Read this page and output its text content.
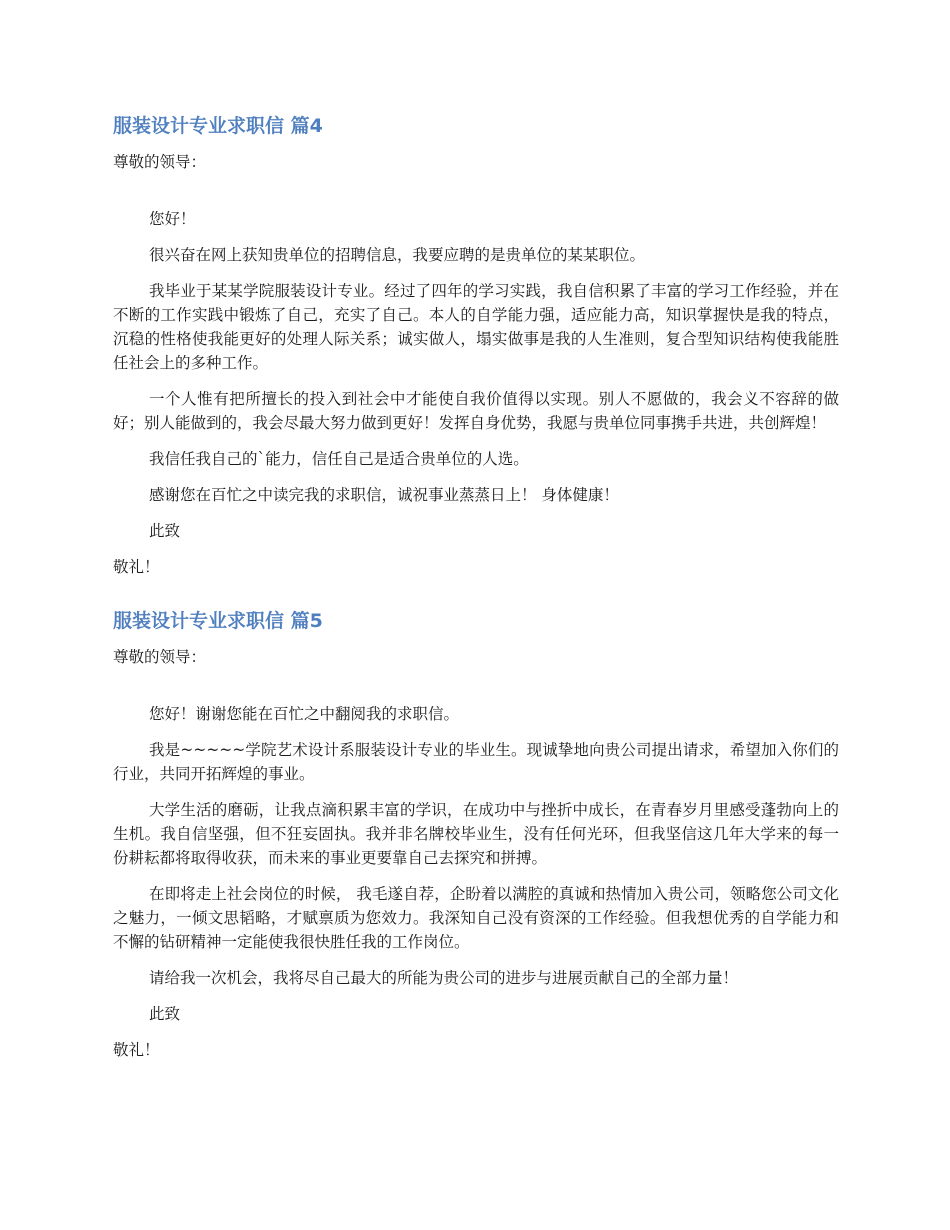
服装设计专业求职信 篇4

尊敬的领导：

您好！

很兴奋在网上获知贵单位的招聘信息，我要应聘的是贵单位的某某职位。

我毕业于某某学院服装设计专业。经过了四年的学习实践，我自信积累了丰富的学习工作经验，并在不断的工作实践中锻炼了自己，充实了自己。本人的自学能力强，适应能力高，知识掌握快是我的特点，沉稳的性格使我能更好的处理人际关系；诚实做人，塌实做事是我的人生准则，复合型知识结构使我能胜任社会上的多种工作。

一个人惟有把所擅长的投入到社会中才能使自我价值得以实现。别人不愿做的，我会义不容辞的做好；别人能做到的，我会尽最大努力做到更好！发挥自身优势，我愿与贵单位同事携手共进，共创辉煌！

我信任我自己的`能力，信任自己是适合贵单位的人选。

感谢您在百忙之中读完我的求职信，诚祝事业蒸蒸日上！ 身体健康！

此致

敬礼！

服装设计专业求职信 篇5

尊敬的领导：

您好！谢谢您能在百忙之中翻阅我的求职信。

我是~~~~~学院艺术设计系服装设计专业的毕业生。现诚挚地向贵公司提出请求，希望加入你们的行业，共同开拓辉煌的事业。

大学生活的磨砺，让我点滴积累丰富的学识，在成功中与挫折中成长，在青春岁月里感受蓬勃向上的生机。我自信坚强，但不狂妄固执。我并非名牌校毕业生，没有任何光环，但我坚信这几年大学来的每一份耕耘都将取得收获，而未来的事业更要靠自己去探究和拼搏。

在即将走上社会岗位的时候， 我毛遂自荐，企盼着以满腔的真诚和热情加入贵公司，领略您公司文化之魅力，一倾文思韬略，才赋禀质为您效力。我深知自己没有资深的工作经验。但我想优秀的自学能力和不懈的钻研精神一定能使我很快胜任我的工作岗位。

请给我一次机会，我将尽自己最大的所能为贵公司的进步与进展贡献自己的全部力量！

此致

敬礼！
